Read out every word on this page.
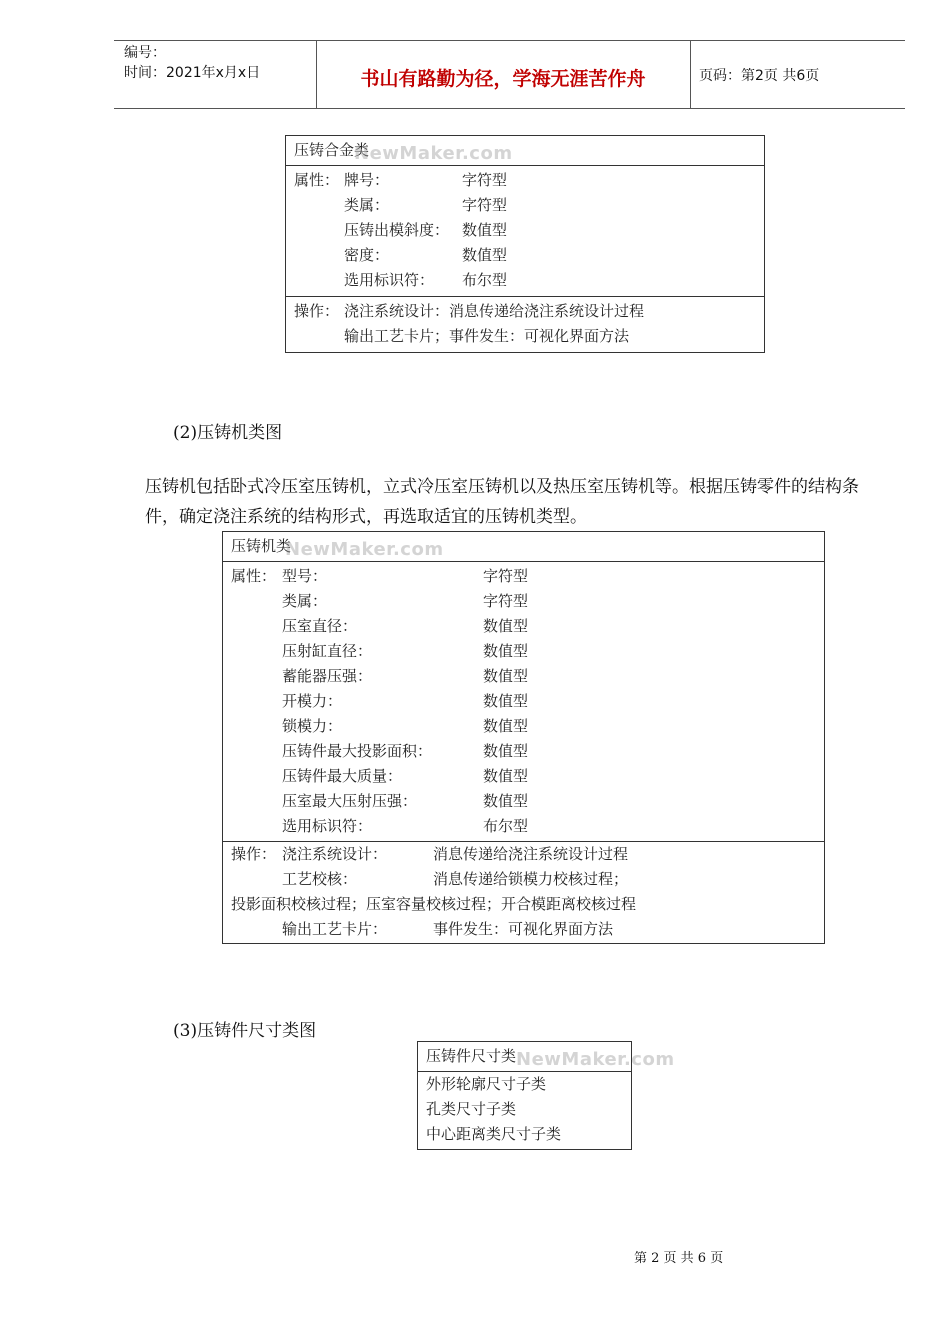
编号：
时间：2021年x月x日	书山有路勤为径，学海无涯苦作舟	页码：第2页 共6页
压铸合金类
NewMaker.com
属性： 牌号：	字符型
类属：	字符型
压铸出模斜度： 数值型
密度：	数值型
选用标识符： 布尔型
操作： 浇注系统设计：消息传递给浇注系统设计过程
输出工艺卡片；事件发生：可视化界面方法
(2)压铸机类图
压铸机包括卧式冷压室压铸机，立式冷压室压铸机以及热压室压铸机等。根据压铸零件的结构条件，确定浇注系统的结构形式，再选取适宜的压铸机类型。
压铸机类
NewMaker.com
属性： 型号：	字符型
类属：	字符型
压室直径：	数值型
压射缸直径：	数值型
蓄能器压强：	数值型
开模力：	数值型
锁模力：	数值型
压铸件最大投影面积：	数值型
压铸件最大质量：	数值型
压室最大压射压强：	数值型
选用标识符：	布尔型
操作： 浇注系统设计：	消息传递给浇注系统设计过程
工艺校核：	消息传递给锁模力校核过程；
投影面积校核过程；压室容量校核过程；开合模距离校核过程
输出工艺卡片：	事件发生：可视化界面方法
(3)压铸件尺寸类图
压铸件尺寸类 NewMaker.com
外形轮廓尺寸子类
孔类尺寸子类
中心距离类尺寸子类
第 2 页 共 6 页
